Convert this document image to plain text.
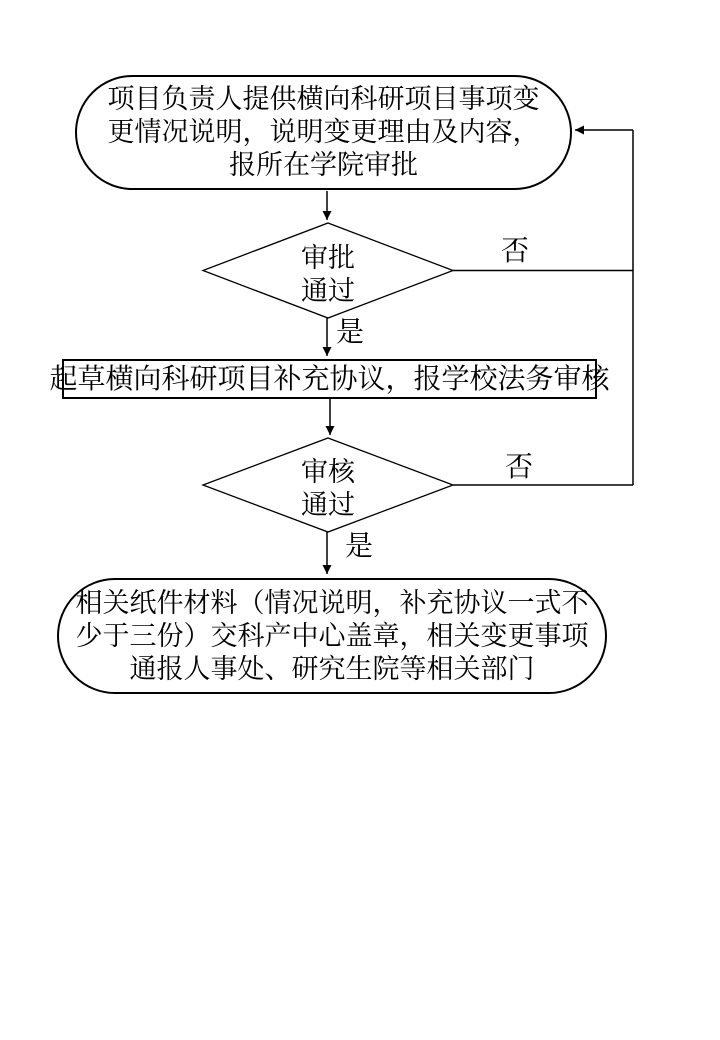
项目负责人提供横向科研项目事项变
更情况说明，说明变更理由及内容，
报所在学院审批
审批
通过
起草横向科研项目补充协议，报学校法务审核
审核
通过
相关纸件材料（情况说明，补充协议一式不
少于三份）交科产中心盖章，相关变更事项
通报人事处、研究生院等相关部门
否
是
否
是
